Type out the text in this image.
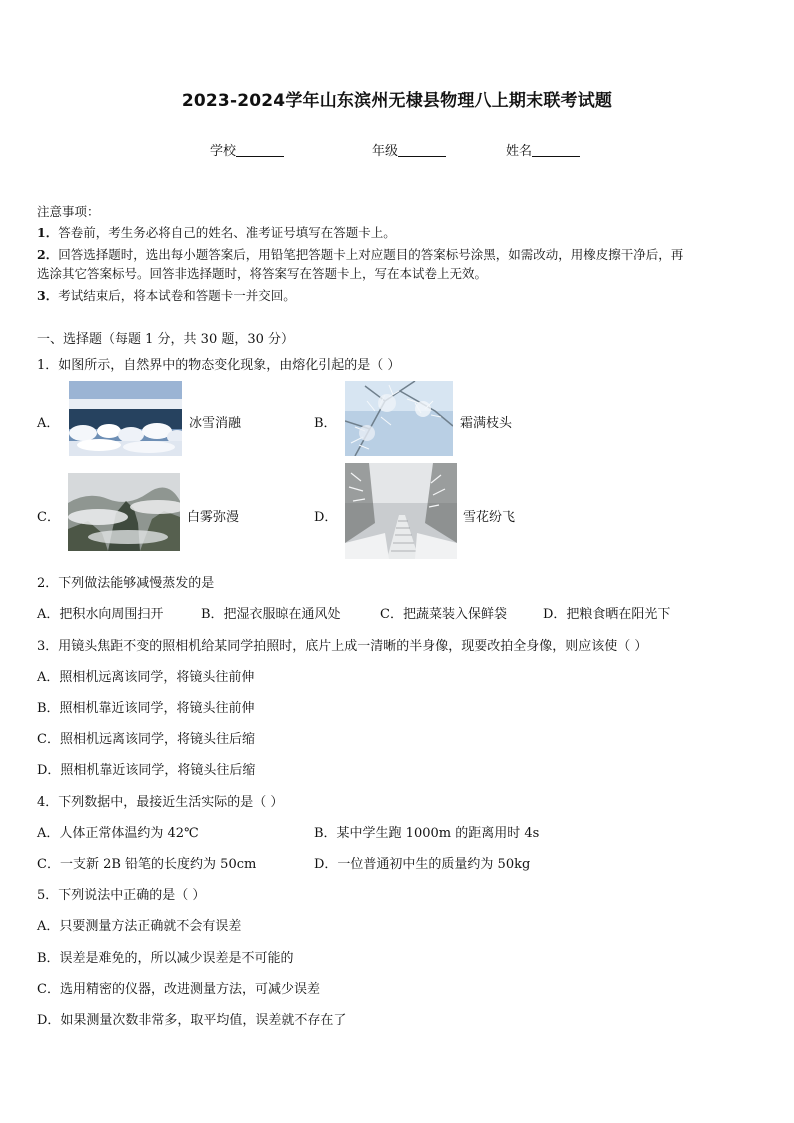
2023-2024学年山东滨州无棣县物理八上期末联考试题
学校	年级	姓名
注意事项：
1．答卷前，考生务必将自己的姓名、准考证号填写在答题卡上。
2．回答选择题时，选出每小题答案后，用铅笔把答题卡上对应题目的答案标号涂黑，如需改动，用橡皮擦干净后，再
选涂其它答案标号。回答非选择题时，将答案写在答题卡上，写在本试卷上无效。
3．考试结束后，将本试卷和答题卡一并交回。
一、选择题（每题 1 分，共 30 题，30 分）
1．如图所示，自然界中的物态变化现象，由熔化引起的是（ ）
A．	冰雪消融	B．	霜满枝头
C．	白雾弥漫	D．	雪花纷飞
2．下列做法能够减慢蒸发的是
A．把积水向周围扫开	B．把湿衣服晾在通风处	C．把蔬菜装入保鲜袋	D．把粮食晒在阳光下
3．用镜头焦距不变的照相机给某同学拍照时，底片上成一清晰的半身像，现要改拍全身像，则应该使（ ）
A．照相机远离该同学，将镜头往前伸
B．照相机靠近该同学，将镜头往前伸
C．照相机远离该同学，将镜头往后缩
D．照相机靠近该同学，将镜头往后缩
4．下列数据中，最接近生活实际的是（ ）
A．人体正常体温约为 42℃	B．某中学生跑 1000m 的距离用时 4s
C．一支新 2B 铅笔的长度约为 50cm	D．一位普通初中生的质量约为 50kg
5．下列说法中正确的是（ ）
A．只要测量方法正确就不会有误差
B．误差是难免的，所以减少误差是不可能的
C．选用精密的仪器，改进测量方法，可减少误差
D．如果测量次数非常多，取平均值，误差就不存在了
